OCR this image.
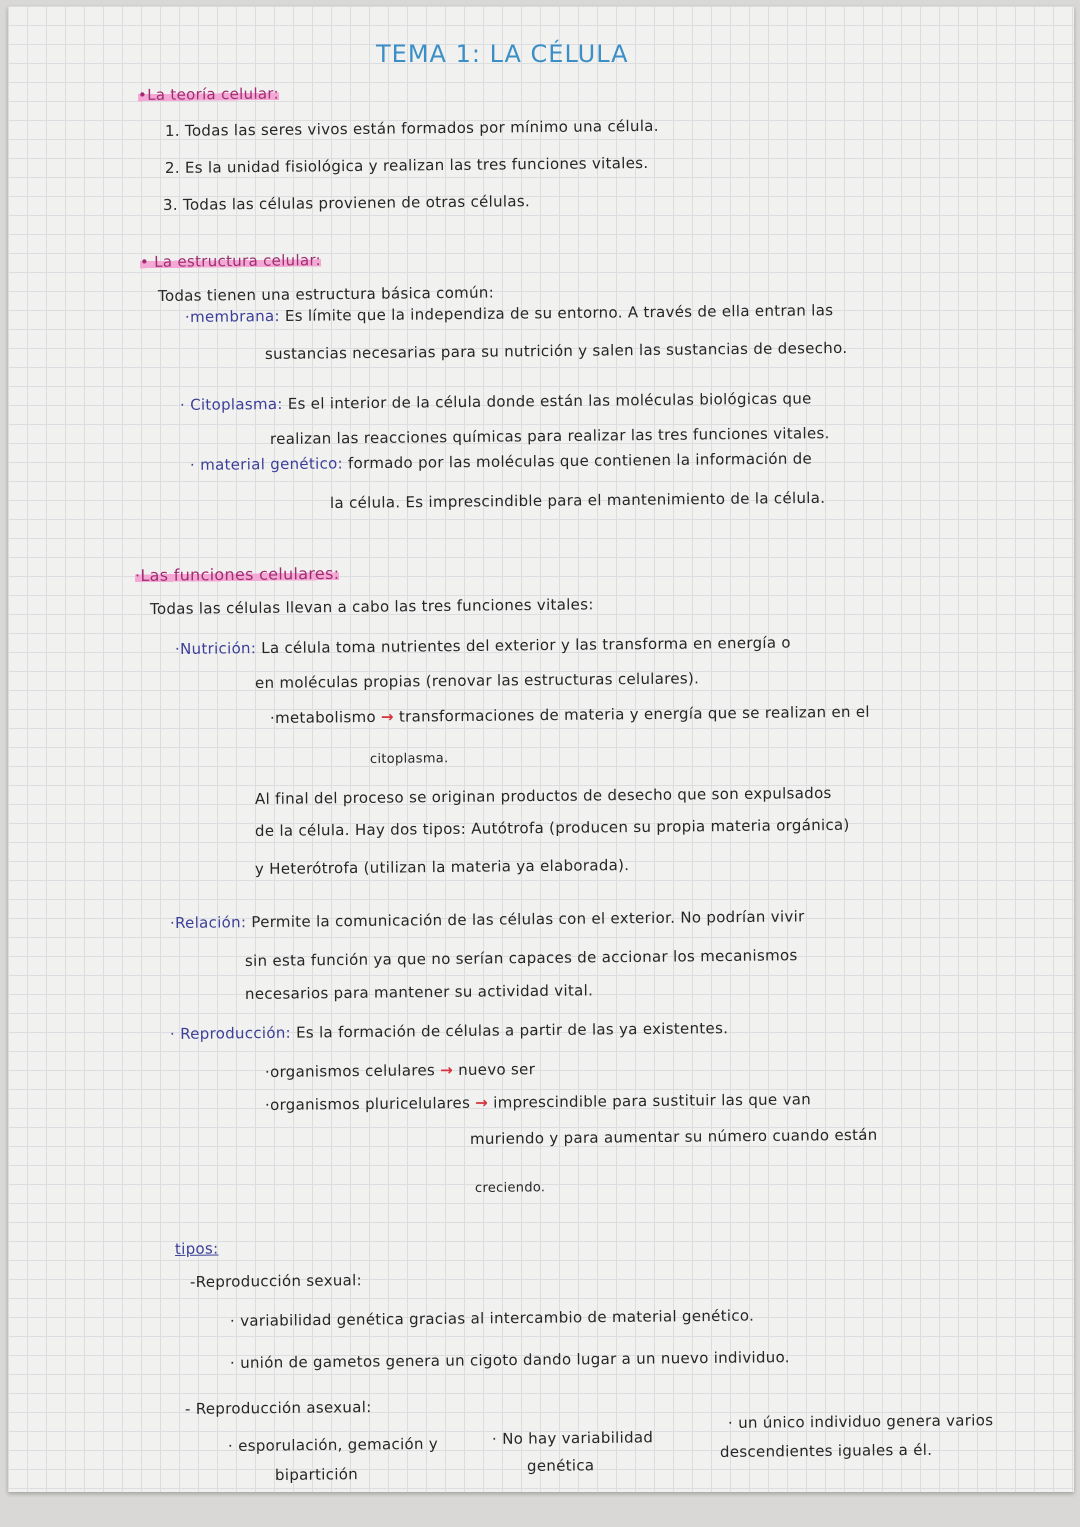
TEMA 1: LA CÉLULA
•La teoría celular:
1. Todas las seres vivos están formados por mínimo una célula.
2. Es la unidad fisiológica y realizan las tres funciones vitales.
3. Todas las células provienen de otras células.
• La estructura celular:
Todas tienen una estructura básica común:
·membrana: Es límite que la independiza de su entorno. A través de ella entran las
sustancias necesarias para su nutrición y salen las sustancias de desecho.
· Citoplasma: Es el interior de la célula donde están las moléculas biológicas que
realizan las reacciones químicas para realizar las tres funciones vitales.
· material genético: formado por las moléculas que contienen la información de
la célula. Es imprescindible para el mantenimiento de la célula.
·Las funciones celulares:
Todas las células llevan a cabo las tres funciones vitales:
·Nutrición: La célula toma nutrientes del exterior y las transforma en energía o
en moléculas propias (renovar las estructuras celulares).
·metabolismo → transformaciones de materia y energía que se realizan en el
citoplasma.
Al final del proceso se originan productos de desecho que son expulsados
de la célula. Hay dos tipos: Autótrofa (producen su propia materia orgánica)
y Heterótrofa (utilizan la materia ya elaborada).
·Relación: Permite la comunicación de las células con el exterior. No podrían vivir
sin esta función ya que no serían capaces de accionar los mecanismos
necesarios para mantener su actividad vital.
· Reproducción: Es la formación de células a partir de las ya existentes.
·organismos celulares → nuevo ser
·organismos pluricelulares → imprescindible para sustituir las que van
muriendo y para aumentar su número cuando están
creciendo.
tipos:
-Reproducción sexual:
· variabilidad genética gracias al intercambio de material genético.
· unión de gametos genera un cigoto dando lugar a un nuevo individuo.
- Reproducción asexual:
· esporulación, gemación y
bipartición
· No hay variabilidad
genética
· un único individuo genera varios
descendientes iguales a él.
